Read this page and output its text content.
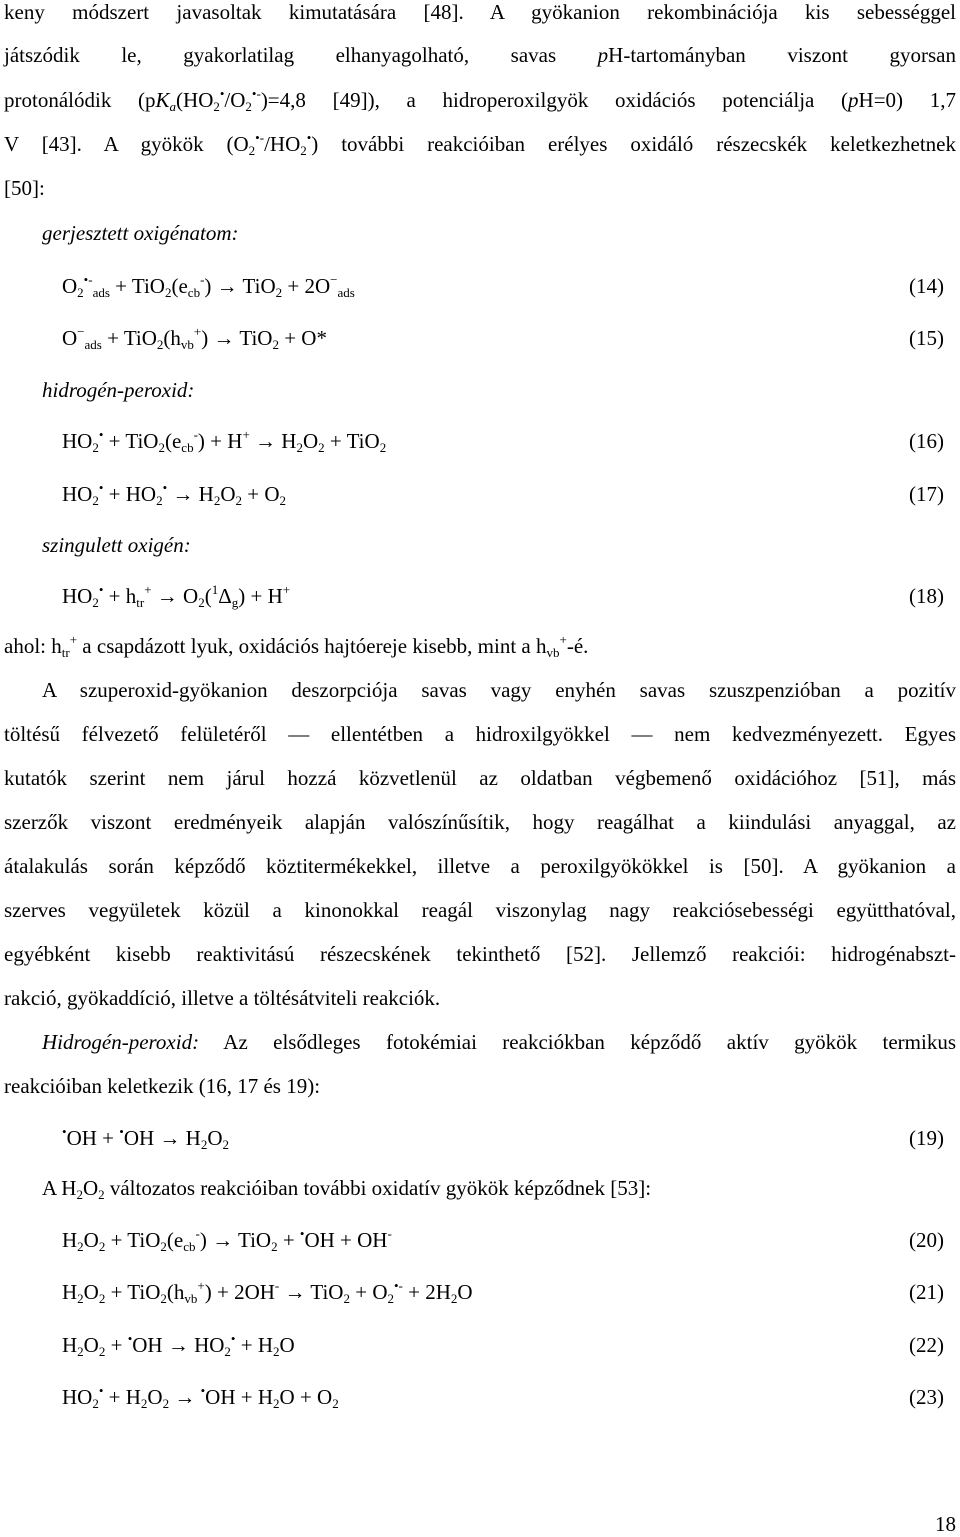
keny módszert javasoltak kimutatására [48]. A gyökanion rekombinációja kis sebességgel
játszódik le, gyakorlatilag elhanyagolható, savas pH-tartományban viszont gyorsan
protonálódik ($pK_a(HO_2^•/O_2^{•-})=4,8$ [49]), a hidroperoxilgyök oxidációs potenciálja (pH=0) 1,7
V [43]. A gyökök $(O_2^{•-}/HO_2^•)$ további reakcióiban erélyes oxidáló részecskék keletkezhetnek
[50]:
gerjesztett oxigénatom:
$O_2^{•-}_{ads} + TiO_2(e_{cb}^-) \to TiO_2 + 2O^-_{ads}$	(14)
$O^-_{ads} + TiO_2(h_{vb}^+) \to TiO_2 + O*$	(15)
hidrogén-peroxid:
$HO_2^• + TiO_2(e_{cb}^-) + H^+ \to H_2O_2 + TiO_2$	(16)
$HO_2^• + HO_2^• \to H_2O_2 + O_2$	(17)
szingulett oxigén:
$HO_2^• + h_{tr}^+ \to O_2(^1\Delta_g) + H^+$	(18)
ahol: $h_{tr}^+$ a csapdázott lyuk, oxidációs hajtóereje kisebb, mint a $h_{vb}^+-é$.
A szuperoxid-gyökanion deszorpciója savas vagy enyhén savas szuszpenzióban a pozitív
töltésű félvezető felületéről — ellentétben a hidroxilgyökkel — nem kedvezményezett. Egyes
kutatók szerint nem járul hozzá közvetlenül az oldatban végbemenő oxidációhoz [51], más
szerzők viszont eredményeik alapján valószínűsítik, hogy reagálhat a kiindulási anyaggal, az
átalakulás során képződő köztitermékekkel, illetve a peroxilgyökökkel is [50]. A gyökanion a
szerves vegyületek közül a kinonokkal reagál viszonylag nagy reakciósebességi együtthatóval,
egyébként kisebb reaktivitású részecskének tekinthető [52]. Jellemző reakciói: hidrogénabszt-
rakció, gyökaddíció, illetve a töltésátviteli reakciók.
Hidrogén-peroxid: Az elsődleges fotokémiai reakciókban képződő aktív gyökök termikus
reakcióiban keletkezik (16, 17 és 19):
$^•OH + ^•OH \to H_2O_2$	(19)
A $H_2O_2$ változatos reakcióiban további oxidatív gyökök képződnek [53]:
$H_2O_2 + TiO_2(e_{cb}^-) \to TiO_2 + ^•OH + OH^-$	(20)
$H_2O_2 + TiO_2(h_{vb}^+) + 2OH^- \to TiO_2 + O_2^{•-} + 2H_2O$	(21)
$H_2O_2 + ^•OH \to HO_2^• + H_2O$	(22)
$HO_2^• + H_2O_2 \to ^•OH + H_2O + O_2$	(23)
18
